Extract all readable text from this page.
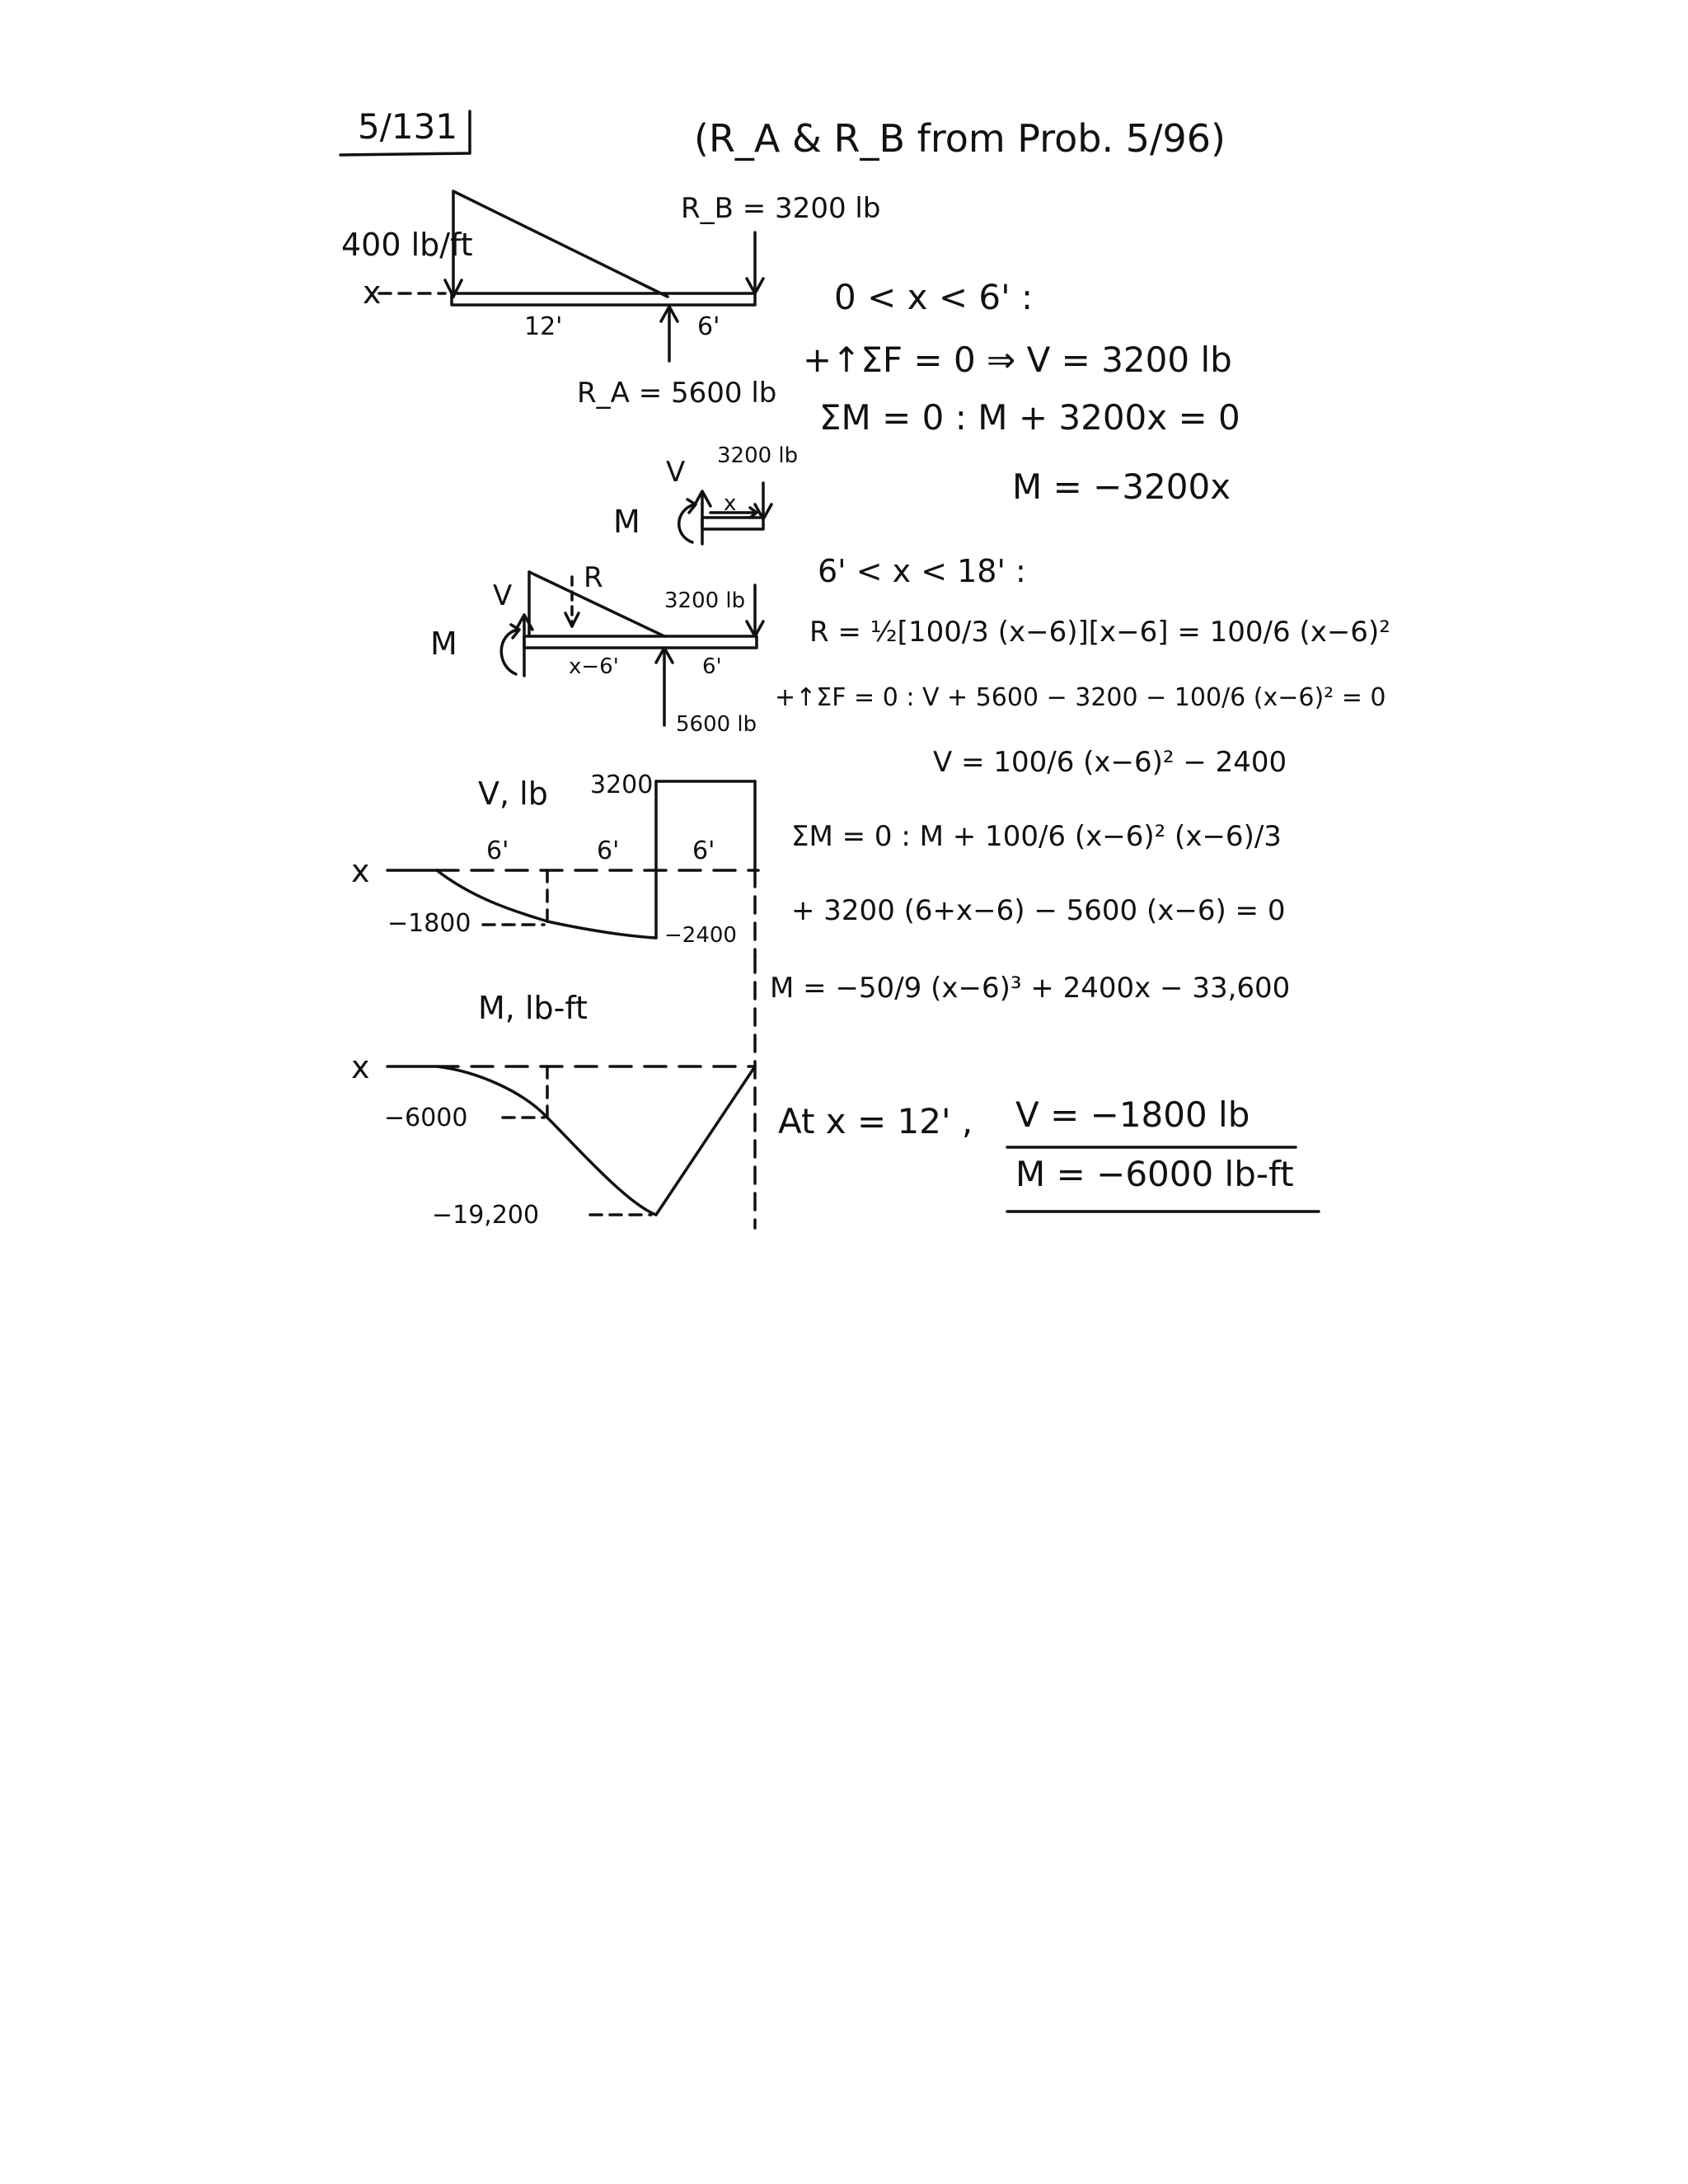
5/131	(R_A & R_B from Prob. 5/96)
400 lb/ft
x
R_B = 3200 lb
12'	6'
R_A = 5600 lb
0 < x < 6' :
+↑ΣF = 0 ⇒ V = 3200 lb
ΣM = 0 : M + 3200x = 0
M = −3200x
V
M
3200 lb
x
V
M
R
3200 lb
x−6'	6'
5600 lb
6' < x < 18' :
R = ½[100/3 (x−6)][x−6] = 100/6 (x−6)²
+↑ΣF = 0 : V + 5600 − 3200 − 100/6 (x−6)² = 0
V = 100/6 (x−6)² − 2400
ΣM = 0 : M + 100/6 (x−6)² (x−6)/3
+ 3200 (6+x−6) − 5600 (x−6) = 0
M = −50/9 (x−6)³ + 2400x − 33,600
V, lb 3200
x
6'	6'	6'
−1800	−2400
M, lb-ft
x
−6000
−19,200
At x = 12' , V = −1800 lb
M = −6000 lb-ft
